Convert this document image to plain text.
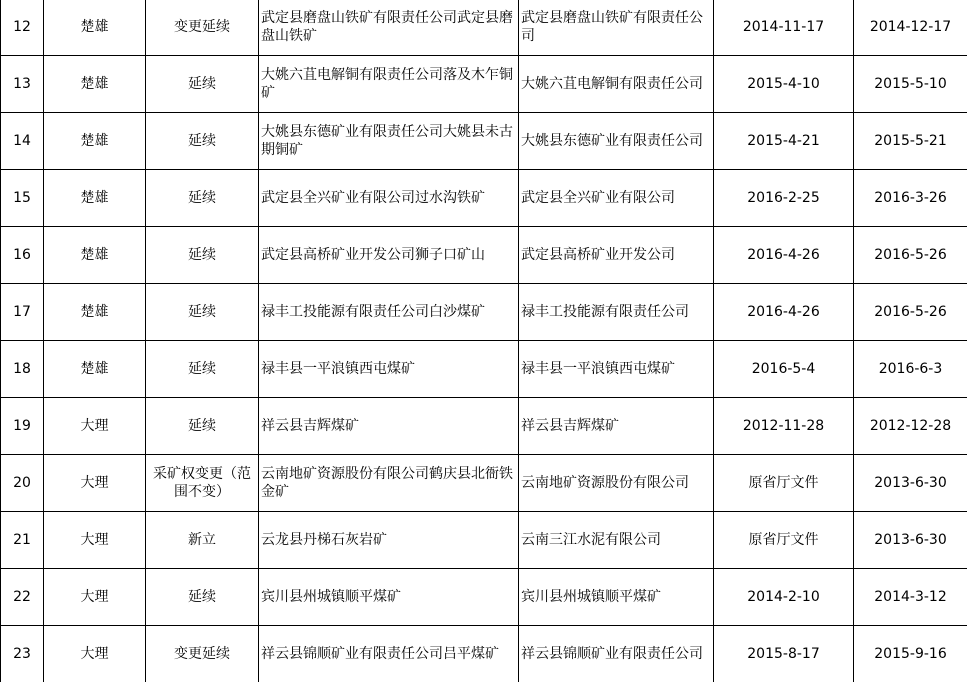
12	楚雄	变更延续	武定县磨盘山铁矿有限责任公司武定县磨盘山铁矿	武定县磨盘山铁矿有限责任公司	2014-11-17	2014-12-17
13	楚雄	延续	大姚六苴电解铜有限责任公司落及木乍铜矿	大姚六苴电解铜有限责任公司	2015-4-10	2015-5-10
14	楚雄	延续	大姚县东德矿业有限责任公司大姚县未古期铜矿	大姚县东德矿业有限责任公司	2015-4-21	2015-5-21
15	楚雄	延续	武定县全兴矿业有限公司过水沟铁矿	武定县全兴矿业有限公司	2016-2-25	2016-3-26
16	楚雄	延续	武定县高桥矿业开发公司狮子口矿山	武定县高桥矿业开发公司	2016-4-26	2016-5-26
17	楚雄	延续	禄丰工投能源有限责任公司白沙煤矿	禄丰工投能源有限责任公司	2016-4-26	2016-5-26
18	楚雄	延续	禄丰县一平浪镇西屯煤矿	禄丰县一平浪镇西屯煤矿	2016-5-4	2016-6-3
19	大理	延续	祥云县吉辉煤矿	祥云县吉辉煤矿	2012-11-28	2012-12-28
20	大理	采矿权变更（范围不变）	云南地矿资源股份有限公司鹤庆县北衙铁金矿	云南地矿资源股份有限公司	原省厅文件	2013-6-30
21	大理	新立	云龙县丹梯石灰岩矿	云南三江水泥有限公司	原省厅文件	2013-6-30
22	大理	延续	宾川县州城镇顺平煤矿	宾川县州城镇顺平煤矿	2014-2-10	2014-3-12
23	大理	变更延续	祥云县锦顺矿业有限责任公司吕平煤矿	祥云县锦顺矿业有限责任公司	2015-8-17	2015-9-16
